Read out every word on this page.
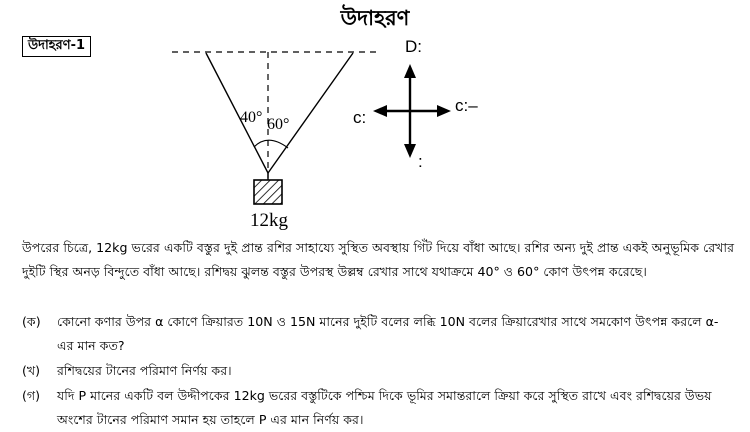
উদাহরণ
উদাহরণ-1
40° 60°
12kg
D:
c:
c:–
:
উপরের চিত্রে, 12kg ভরের একটি বস্তুর দুই প্রান্ত রশির সাহায্যে সুস্থিত অবস্থায় গিঁট দিয়ে বাঁধা আছে। রশির অন্য দুই প্রান্ত একই অনুভূমিক রেখার দুইটি স্থির অনড় বিন্দুতে বাঁধা আছে। রশিদ্বয় ঝুলন্ত বস্তুর উপরস্থ উল্লম্ব রেখার সাথে যথাক্রমে 40° ও 60° কোণ উৎপন্ন করেছে।
(ক) কোনো কণার উপর α কোণে ক্রিয়ারত 10N ও 15N মানের দুইটি বলের লব্ধি 10N বলের ক্রিয়ারেখার সাথে সমকোণ উৎপন্ন করলে α-এর মান কত?
(খ) রশিদ্বয়ের টানের পরিমাণ নির্ণয় কর।
(গ) যদি P মানের একটি বল উদ্দীপকের 12kg ভরের বস্তুটিকে পশ্চিম দিকে ভূমির সমান্তরালে ক্রিয়া করে সুস্থিত রাখে এবং রশিদ্বয়ের উভয় অংশের টানের পরিমাণ সমান হয় তাহলে P এর মান নির্ণয় কর।
